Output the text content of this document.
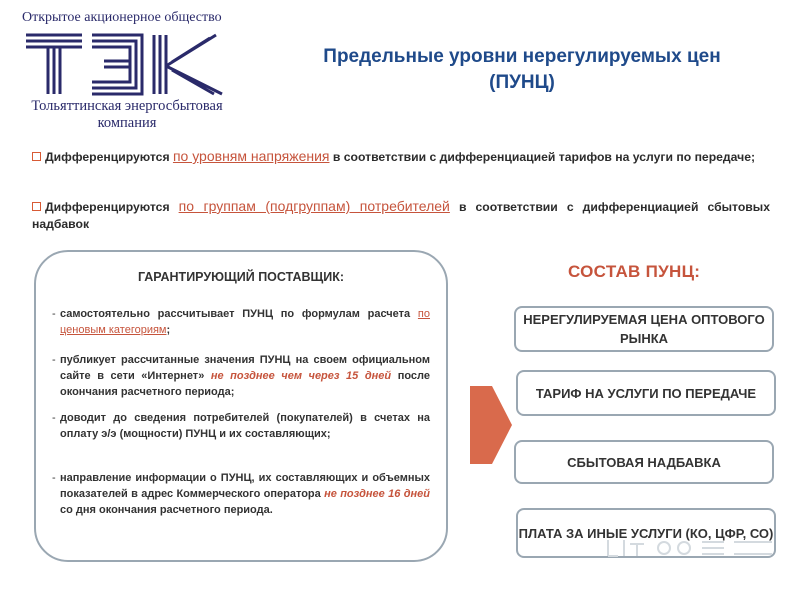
Открытое акционерное общество
Тольяттинская энергосбытовая
компания
Предельные уровни нерегулируемых цен
(ПУНЦ)
Дифференцируются по уровням напряжения в соответствии с дифференциацией тарифов на услуги по передаче;
Дифференцируются по группам (подгруппам) потребителей в соответствии с дифференциацией сбытовых надбавок
ГАРАНТИРУЮЩИЙ ПОСТАВЩИК:
- самостоятельно рассчитывает ПУНЦ по формулам расчета по ценовым категориям;
- публикует рассчитанные значения ПУНЦ на своем официальном сайте в сети «Интернет» не позднее чем через 15 дней после окончания расчетного периода;
- доводит до сведения потребителей (покупателей) в счетах на оплату э/э (мощности) ПУНЦ и их составляющих;
- направление информации о ПУНЦ, их составляющих и объемных показателей в адрес Коммерческого оператора не позднее 16 дней со дня окончания расчетного периода.
СОСТАВ ПУНЦ:
НЕРЕГУЛИРУЕМАЯ ЦЕНА ОПТОВОГО РЫНКА
ТАРИФ НА УСЛУГИ ПО ПЕРЕДАЧЕ
СБЫТОВАЯ НАДБАВКА
ПЛАТА ЗА ИНЫЕ УСЛУГИ (КО, ЦФР, СО)
